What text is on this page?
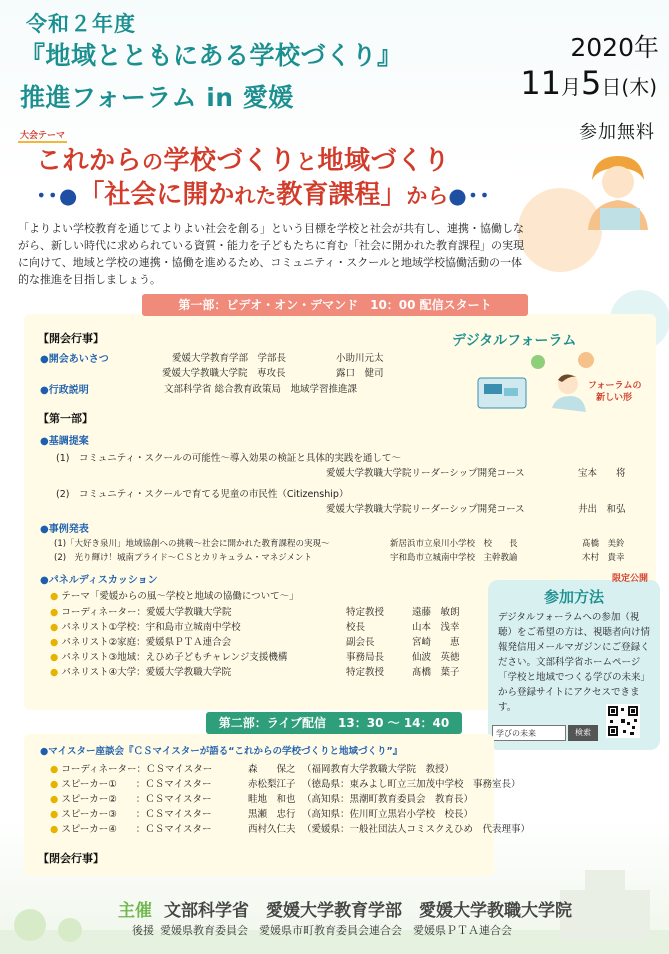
令和２年度
『地域とともにある学校づくり』
推進フォーラム in 愛媛
2020年
11月5日(木)
参加無料
大会テーマ
これからの学校づくりと地域づくり
･･●「社会に開かれた教育課程」から●･･
「よりよい学校教育を通じてよりよい社会を創る」という目標を学校と社会が共有し、連携・協働しながら、新しい時代に求められている資質・能力を子どもたちに育む「社会に開かれた教育課程」の実現に向けて、地域と学校の連携・協働を進めるため、コミュニティ・スクールと地域学校協働活動の一体的な推進を目指しましょう。
第一部：ビデオ・オン・デマンド　10：00 配信スタート
【開会行事】
●開会あいさつ	愛媛大学教育学部　学部長	小助川元太
愛媛大学教職大学院　専攻長	露口　健司
●行政説明	文部科学省 総合教育政策局　地域学習推進課
【第一部】
●基調提案
(1)　コミュニティ・スクールの可能性～導入効果の検証と具体的実践を通して～
愛媛大学教職大学院リーダーシップ開発コース	宝本　　将
(2)　コミュニティ・スクールで育てる児童の市民性（Citizenship）
愛媛大学教職大学院リーダーシップ開発コース	井出　和弘
●事例発表
(1)「大好き泉川」地域協創への挑戦～社会に開かれた教育課程の実現～	新居浜市立泉川小学校　校　　長	髙橋　美鈴
(2)　光り輝け！城南プライド～ＣＳとカリキュラム・マネジメント	宇和島市立城南中学校　主幹教諭	木村　貴幸
●パネルディスカッション
● テーマ「愛媛からの風～学校と地域の協働について～」
● コーディネーター：愛媛大学教職大学院	特定教授	遠藤　敏朗
● パネリスト①学校：宇和島市立城南中学校	校長	山本　浅幸
● パネリスト②家庭：愛媛県ＰＴＡ連合会	副会長	宮崎　　恵
● パネリスト③地域：えひめ子どもチャレンジ支援機構	事務局長	仙波　英徳
● パネリスト④大学：愛媛大学教職大学院	特定教授	髙橋　葉子
デジタルフォーラム
フォーラムの
新しい形
参加方法
デジタルフォーラムへの参加（視聴）をご希望の方は、視聴者向け情報発信用メールマガジンにご登録ください。文部科学省ホームページ「学校と地域でつくる学びの未来」から登録サイトにアクセスできます。
限定公開
学びの未来	検索
第二部：ライブ配信　13：30 ～ 14：40
●マイスター座談会『ＣＳマイスターが語る“これからの学校づくりと地域づくり”』
● コーディネーター：ＣＳマイスター	森　　保之 （福岡教育大学教職大学院　教授）
● スピーカー①　　：ＣＳマイスター	赤松梨江子 （徳島県：東みよし町立三加茂中学校　事務室長）
● スピーカー②　　：ＣＳマイスター	畦地　和也 （高知県：黒潮町教育委員会　教育長）
● スピーカー③　　：ＣＳマイスター	黒瀬　忠行 （高知県：佐川町立黒岩小学校　校長）
● スピーカー④　　：ＣＳマイスター	西村久仁夫 （愛媛県：一般社団法人コミスクえひめ　代表理事）
【閉会行事】
主催 文部科学省　愛媛大学教育学部　愛媛大学教職大学院
後援 愛媛県教育委員会　愛媛県市町教育委員会連合会　愛媛県ＰＴＡ連合会
